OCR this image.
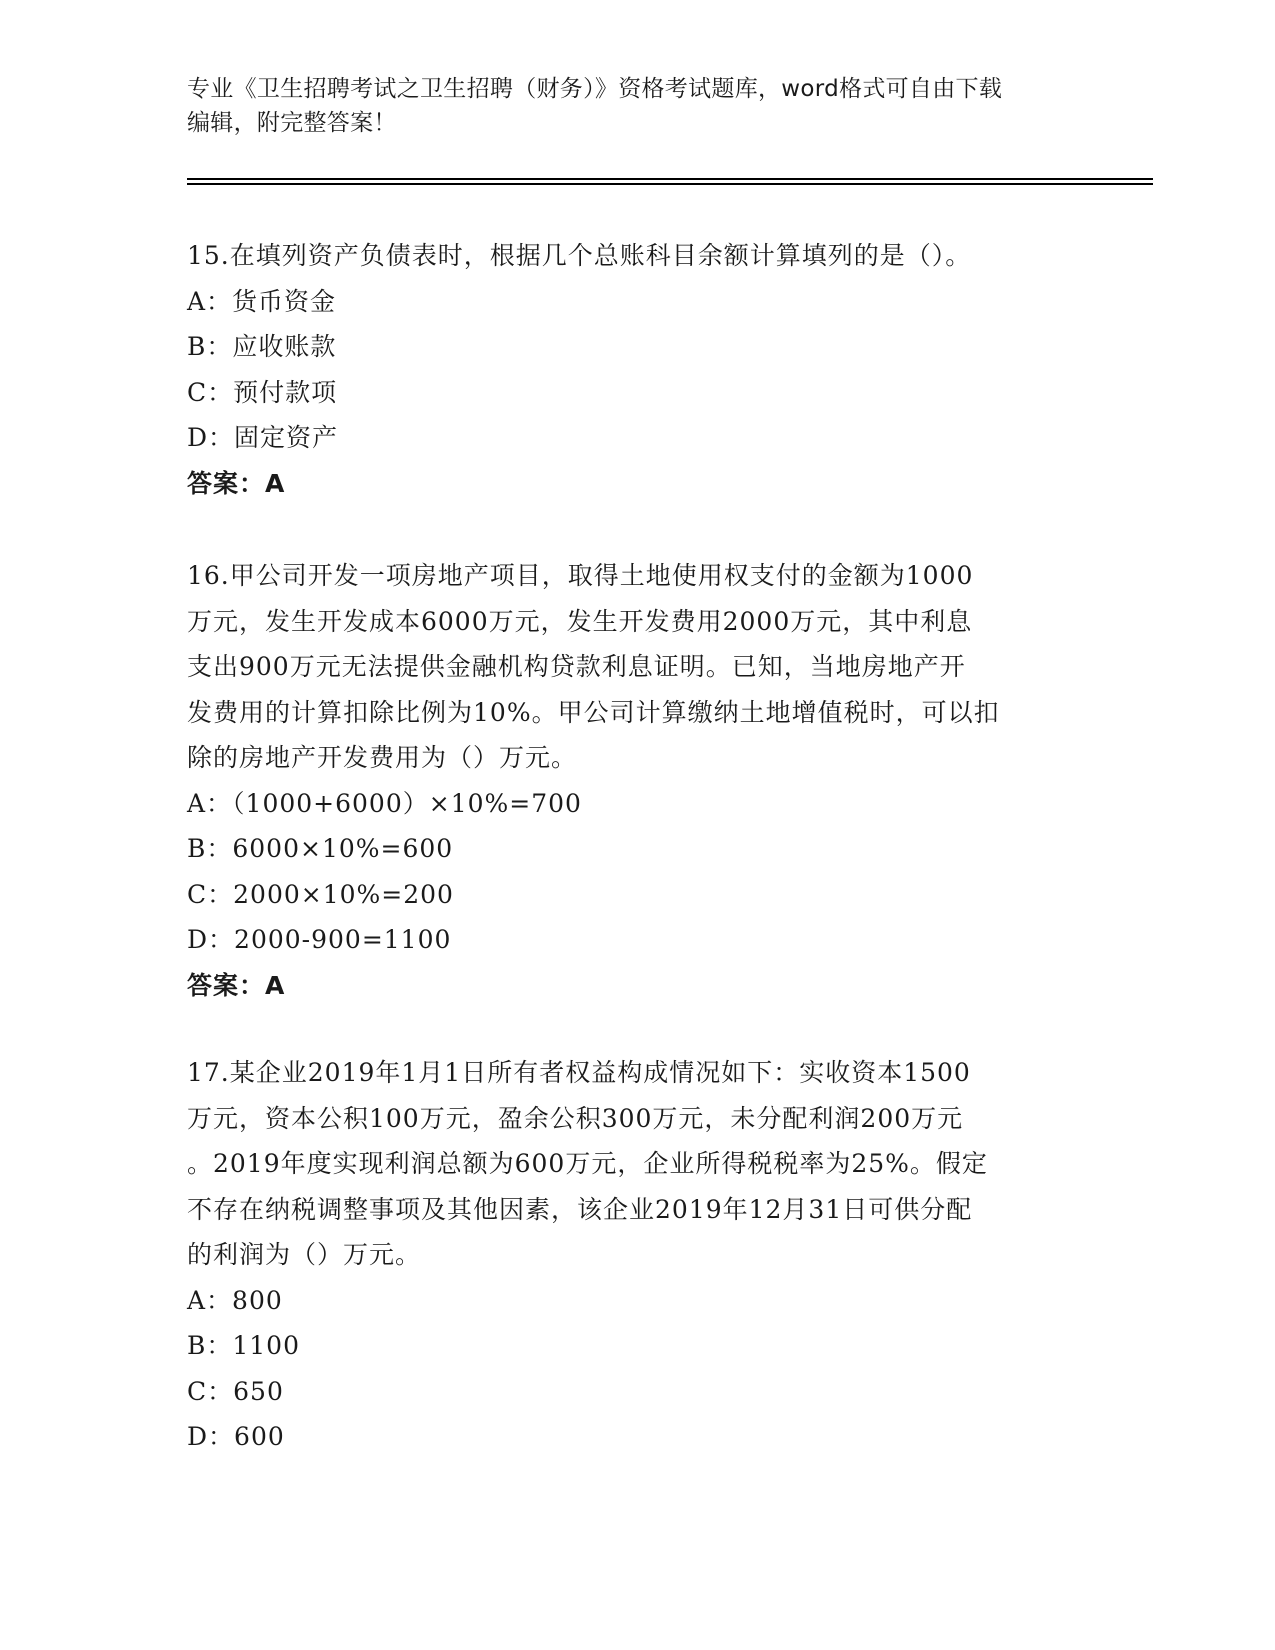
专业《卫生招聘考试之卫生招聘（财务）》资格考试题库，word格式可自由下载
编辑，附完整答案！
15.在填列资产负债表时，根据几个总账科目余额计算填列的是（）。
A：货币资金
B：应收账款
C：预付款项
D：固定资产
答案：A
16.甲公司开发一项房地产项目，取得土地使用权支付的金额为1000
万元，发生开发成本6000万元，发生开发费用2000万元，其中利息
支出900万元无法提供金融机构贷款利息证明。已知，当地房地产开
发费用的计算扣除比例为10%。甲公司计算缴纳土地增值税时，可以扣
除的房地产开发费用为（）万元。
A：（1000+6000）×10%=700
B：6000×10%=600
C：2000×10%=200
D：2000-900=1100
答案：A
17.某企业2019年1月1日所有者权益构成情况如下：实收资本1500
万元，资本公积100万元，盈余公积300万元，未分配利润200万元
。2019年度实现利润总额为600万元，企业所得税税率为25%。假定
不存在纳税调整事项及其他因素，该企业2019年12月31日可供分配
的利润为（）万元。
A：800
B：1100
C：650
D：600
